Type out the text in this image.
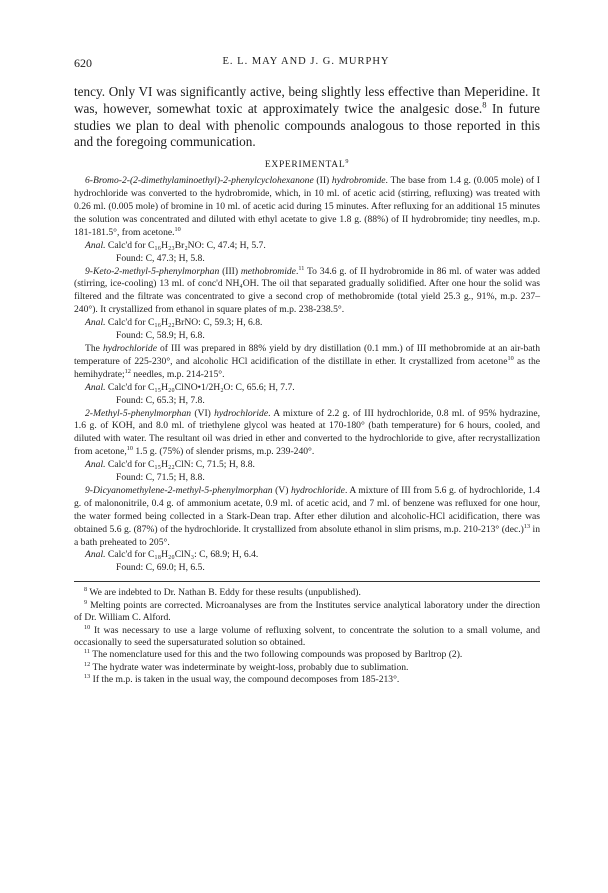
620	E. L. MAY AND J. G. MURPHY

tency. Only VI was significantly active, being slightly less effective than Meperidine. It was, however, somewhat toxic at approximately twice the analgesic dose.$^8$ In future studies we plan to deal with phenolic compounds analogous to those reported in this and the foregoing communication.

EXPERIMENTAL$^9$

6-Bromo-2-(2-dimethylaminoethyl)-2-phenylcyclohexanone (II) hydrobromide. The base from 1.4 g. (0.005 mole) of I hydrochloride was converted to the hydrobromide, which, in 10 ml. of acetic acid (stirring, refluxing) was treated with 0.26 ml. (0.005 mole) of bromine in 10 ml. of acetic acid during 15 minutes. After refluxing for an additional 15 minutes the solution was concentrated and diluted with ethyl acetate to give 1.8 g. (88%) of II hydrobromide; tiny needles, m.p. 181-181.5°, from acetone.$^{10}$

Anal. Calc'd for C₁₆H₂₃Br₂NO: C, 47.4; H, 5.7.

Found: C, 47.3; H, 5.8.

9-Keto-2-methyl-5-phenylmorphan (III) methobromide.$^{11}$ To 34.6 g. of II hydrobromide in 86 ml. of water was added (stirring, ice-cooling) 13 ml. of conc'd NH₄OH. The oil that separated gradually solidified. After one hour the solid was filtered and the filtrate was concentrated to give a second crop of methobromide (total yield 25.3 g., 91%, m.p. 237–240°). It crystallized from ethanol in square plates of m.p. 238-238.5°.

Anal. Calc'd for C₁₆H₂₂BrNO: C, 59.3; H, 6.8.

Found: C, 58.9; H, 6.8.

The hydrochloride of III was prepared in 88% yield by dry distillation (0.1 mm.) of III methobromide at an air-bath temperature of 225-230°, and alcoholic HCl acidification of the distillate in ether. It crystallized from acetone$^{10}$ as the hemihydrate;$^{12}$ needles, m.p. 214-215°.

Anal. Calc'd for C₁₅H₂₀ClNO•1/2H₂O: C, 65.6; H, 7.7.

Found: C, 65.3; H, 7.8.

2-Methyl-5-phenylmorphan (VI) hydrochloride. A mixture of 2.2 g. of III hydrochloride, 0.8 ml. of 95% hydrazine, 1.6 g. of KOH, and 8.0 ml. of triethylene glycol was heated at 170-180° (bath temperature) for 6 hours, cooled, and diluted with water. The resultant oil was dried in ether and converted to the hydrochloride to give, after recrystallization from acetone,$^{10}$ 1.5 g. (75%) of slender prisms, m.p. 239-240°.

Anal. Calc'd for C₁₅H₂₂ClN: C, 71.5; H, 8.8.

Found: C, 71.5; H, 8.8.

9-Dicyanomethylene-2-methyl-5-phenylmorphan (V) hydrochloride. A mixture of III from 5.6 g. of hydrochloride, 1.4 g. of malononitrile, 0.4 g. of ammonium acetate, 0.9 ml. of acetic acid, and 7 ml. of benzene was refluxed for one hour, the water formed being collected in a Stark-Dean trap. After ether dilution and alcoholic-HCl acidification, there was obtained 5.6 g. (87%) of the hydrochloride. It crystallized from absolute ethanol in slim prisms, m.p. 210-213° $(dec.)^{13}$ in a bath preheated to 205°.

Anal. Calc'd for C₁₈H₂₀ClN₃: C, 68.9; H, 6.4.

Found: C, 69.0; H, 6.5.

$^8$ We are indebted to Dr. Nathan B. Eddy for these results (unpublished).

$^9$ Melting points are corrected. Microanalyses are from the Institutes service analytical laboratory under the direction of Dr. William C. Alford.

$^{10}$ It was necessary to use a large volume of refluxing solvent, to concentrate the solution to a small volume, and occasionally to seed the supersaturated solution so obtained.

$^{11}$ The nomenclature used for this and the two following compounds was proposed by Barltrop (2).

$^{12}$ The hydrate water was indeterminate by weight-loss, probably due to sublimation.

$^{13}$ If the m.p. is taken in the usual way, the compound decomposes from 185-213°.
